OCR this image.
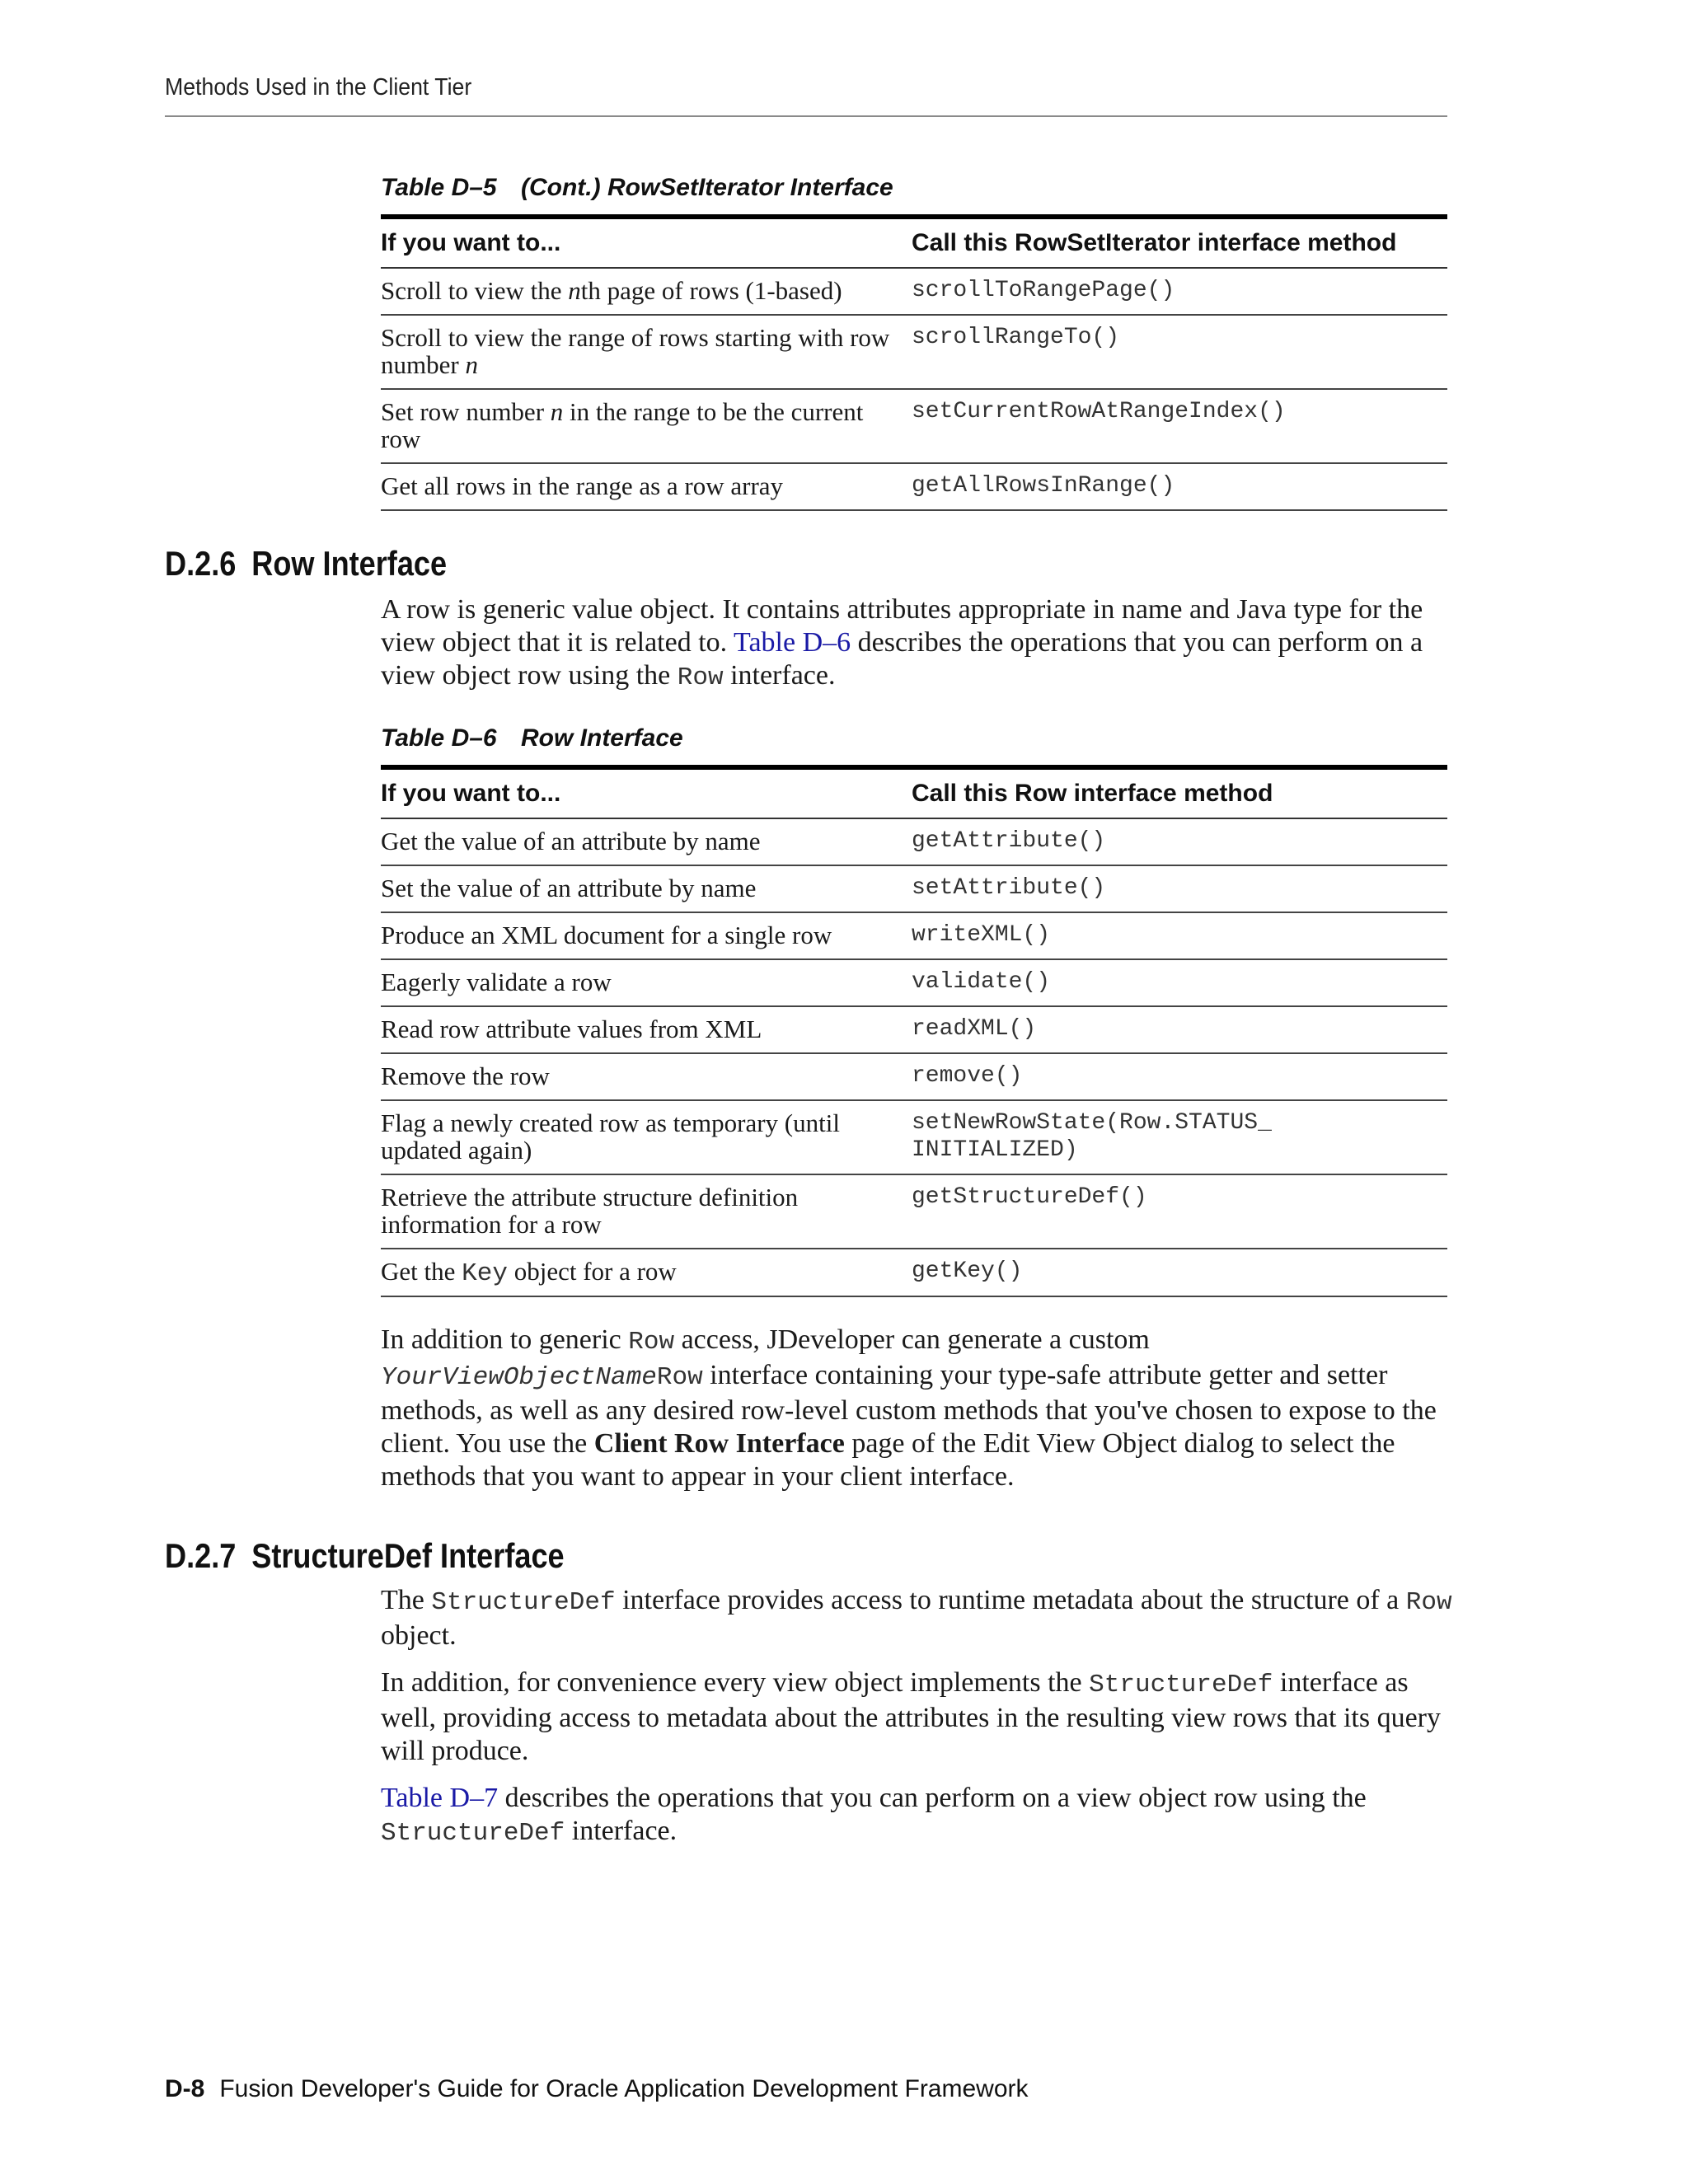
Methods Used in the Client Tier
Table D–5 (Cont.) RowSetIterator Interface
If you want to...	Call this RowSetIterator interface method
Scroll to view the nth page of rows (1-based)	scrollToRangePage()
Scroll to view the range of rows starting with row number n	scrollRangeTo()
Set row number n in the range to be the current row	setCurrentRowAtRangeIndex()
Get all rows in the range as a row array	getAllRowsInRange()
D.2.6 Row Interface

A row is generic value object. It contains attributes appropriate in name and Java type for the view object that it is related to. Table D–6 describes the operations that you can perform on a view object row using the Row interface.

Table D–6 Row Interface
If you want to...	Call this Row interface method
Get the value of an attribute by name	getAttribute()
Set the value of an attribute by name	setAttribute()
Produce an XML document for a single row	writeXML()
Eagerly validate a row	validate()
Read row attribute values from XML	readXML()
Remove the row	remove()
Flag a newly created row as temporary (until updated again)	setNewRowState(Row.STATUS_
INITIALIZED)
Retrieve the attribute structure definition information for a row	getStructureDef()
Get the Key object for a row	getKey()

In addition to generic Row access, JDeveloper can generate a custom YourViewObjectNameRow interface containing your type-safe attribute getter and setter methods, as well as any desired row-level custom methods that you've chosen to expose to the client. You use the Client Row Interface page of the Edit View Object dialog to select the methods that you want to appear in your client interface.

D.2.7 StructureDef Interface

The StructureDef interface provides access to runtime metadata about the structure of a Row object.

In addition, for convenience every view object implements the StructureDef interface as well, providing access to metadata about the attributes in the resulting view rows that its query will produce.

Table D–7 describes the operations that you can perform on a view object row using the StructureDef interface.

D-8 Fusion Developer's Guide for Oracle Application Development Framework
